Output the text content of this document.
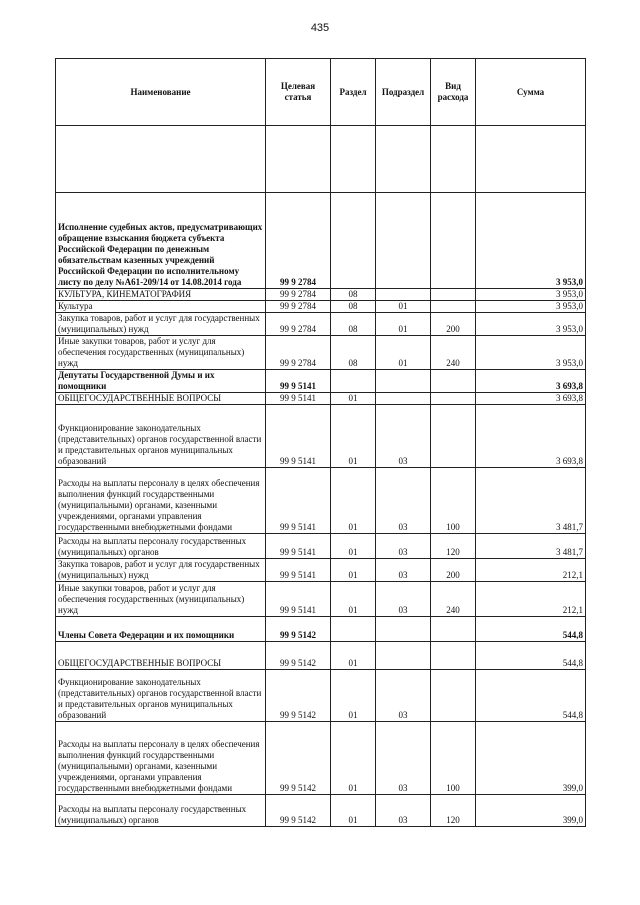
435
Наименование	Целевая статья	Раздел	Подраздел	Вид расхода	Сумма

Исполнение судебных актов, предусматривающих обращение взыскания бюджета субъекта Российской Федерации по денежным обязательствам казенных учреждений Российской Федерации по исполнительному листу по делу №А61-209/14 от 14.08.2014 года	99 9 2784				3 953,0
КУЛЬТУРА, КИНЕМАТОГРАФИЯ	99 9 2784	08			3 953,0
Культура	99 9 2784	08	01		3 953,0
Закупка товаров, работ и услуг для государственных (муниципальных) нужд	99 9 2784	08	01	200	3 953,0
Иные закупки товаров, работ и услуг для обеспечения государственных (муниципальных) нужд	99 9 2784	08	01	240	3 953,0
Депутаты Государственной Думы и их помощники	99 9 5141				3 693,8
ОБЩЕГОСУДАРСТВЕННЫЕ ВОПРОСЫ	99 9 5141	01			3 693,8
Функционирование законодательных (представительных) органов государственной власти и представительных органов муниципальных образований	99 9 5141	01	03		3 693,8
Расходы на выплаты персоналу в целях обеспечения выполнения функций государственными (муниципальными) органами, казенными учреждениями, органами управления государственными внебюджетными фондами	99 9 5141	01	03	100	3 481,7
Расходы на выплаты персоналу государственных (муниципальных) органов	99 9 5141	01	03	120	3 481,7
Закупка товаров, работ и услуг для государственных (муниципальных) нужд	99 9 5141	01	03	200	212,1
Иные закупки товаров, работ и услуг для обеспечения государственных (муниципальных) нужд	99 9 5141	01	03	240	212,1
Члены Совета Федерации и их помощники	99 9 5142				544,8
ОБЩЕГОСУДАРСТВЕННЫЕ ВОПРОСЫ	99 9 5142	01			544,8
Функционирование законодательных (представительных) органов государственной власти и представительных органов муниципальных образований	99 9 5142	01	03		544,8
Расходы на выплаты персоналу в целях обеспечения выполнения функций государственными (муниципальными) органами, казенными учреждениями, органами управления государственными внебюджетными фондами	99 9 5142	01	03	100	399,0
Расходы на выплаты персоналу государственных (муниципальных) органов	99 9 5142	01	03	120	399,0
